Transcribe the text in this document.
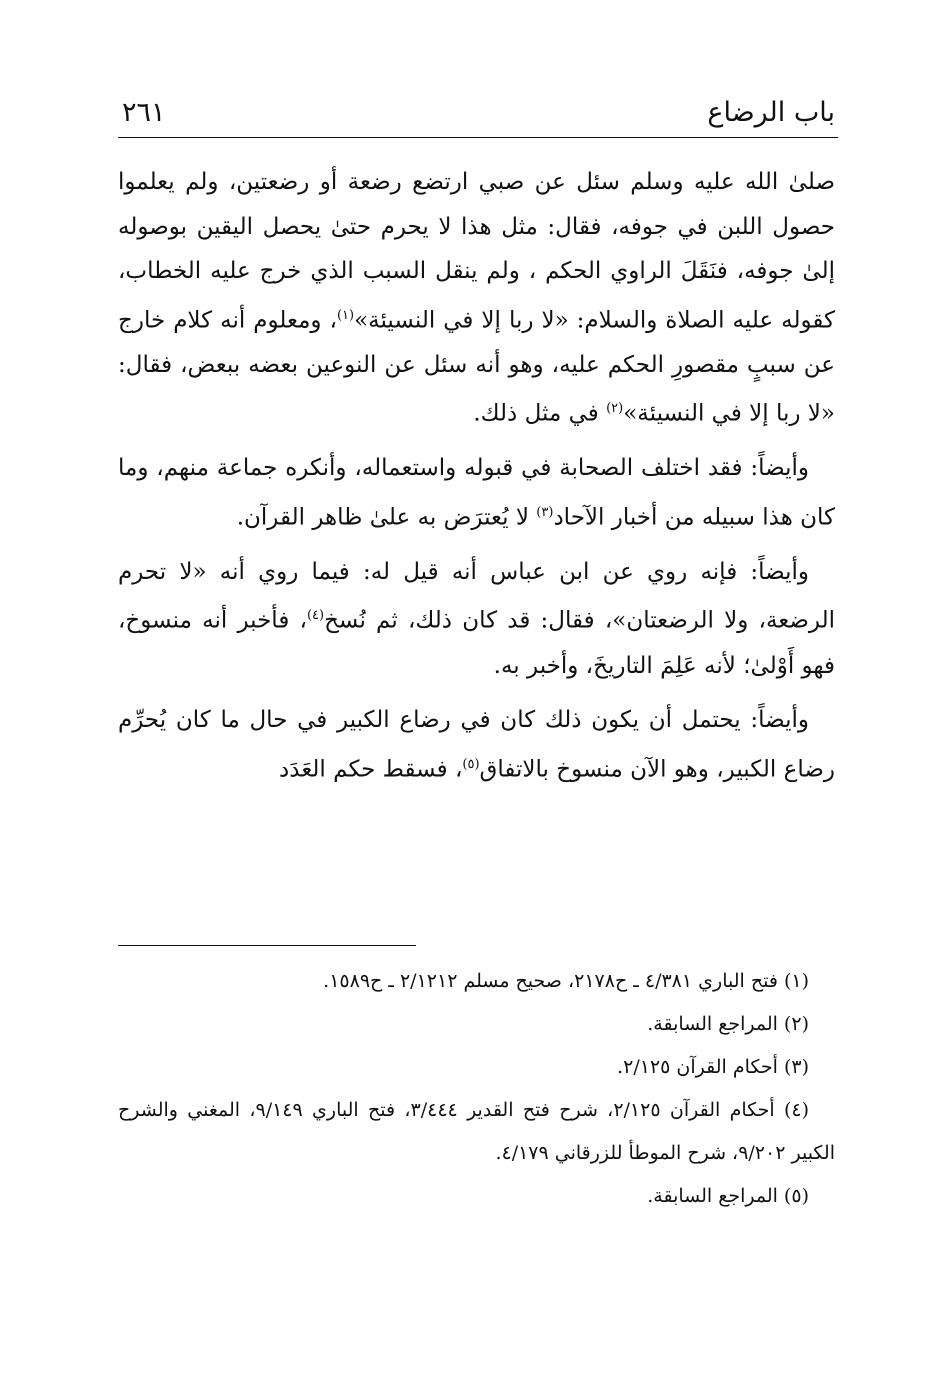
باب الرضاع
٢٦١

صلىٰ الله عليه وسلم سئل عن صبي ارتضع رضعة أو رضعتين، ولم يعلموا حصول اللبن في جوفه، فقال: مثل هذا لا يحرم حتىٰ يحصل اليقين بوصوله إلىٰ جوفه، فنَقَلَ الراوي الحكم ، ولم ينقل السبب الذي خرج عليه الخطاب، كقوله عليه الصلاة والسلام: «لا ربا إلا في النسيئة»$^{(١)}$، ومعلوم أنه كلام خارج عن سببٍ مقصورِ الحكم عليه، وهو أنه سئل عن النوعين بعضه ببعض، فقال: «لا ربا إلا في النسيئة»$^{(٢)}$ في مثل ذلك.

وأيضاً: فقد اختلف الصحابة في قبوله واستعماله، وأنكره جماعة منهم، وما كان هذا سبيله من أخبار الآحاد$^{(٣)}$ لا يُعترَض به علىٰ ظاهر القرآن.

وأيضاً: فإنه روي عن ابن عباس أنه قيل له: فيما روي أنه «لا تحرم الرضعة، ولا الرضعتان»، فقال: قد كان ذلك، ثم نُسخ$^{(٤)}$، فأخبر أنه منسوخ، فهو أَوْلىٰ؛ لأنه عَلِمَ التاريخَ، وأخبر به.

وأيضاً: يحتمل أن يكون ذلك كان في رضاع الكبير في حال ما كان يُحرِّم رضاع الكبير، وهو الآن منسوخ بالاتفاق$^{(٥)}$، فسقط حكم العَدَد

(١) فتح الباري ٤/٣٨١ ـ ح٢١٧٨، صحيح مسلم ٢/١٢١٢ ـ ح١٥٨٩.

(٢) المراجع السابقة.

(٣) أحكام القرآن ٢/١٢٥.

(٤) أحكام القرآن ٢/١٢٥، شرح فتح القدير ٣/٤٤٤، فتح الباري ٩/١٤٩، المغني والشرح الكبير ٩/٢٠٢، شرح الموطأ للزرقاني ٤/١٧٩.

(٥) المراجع السابقة.
